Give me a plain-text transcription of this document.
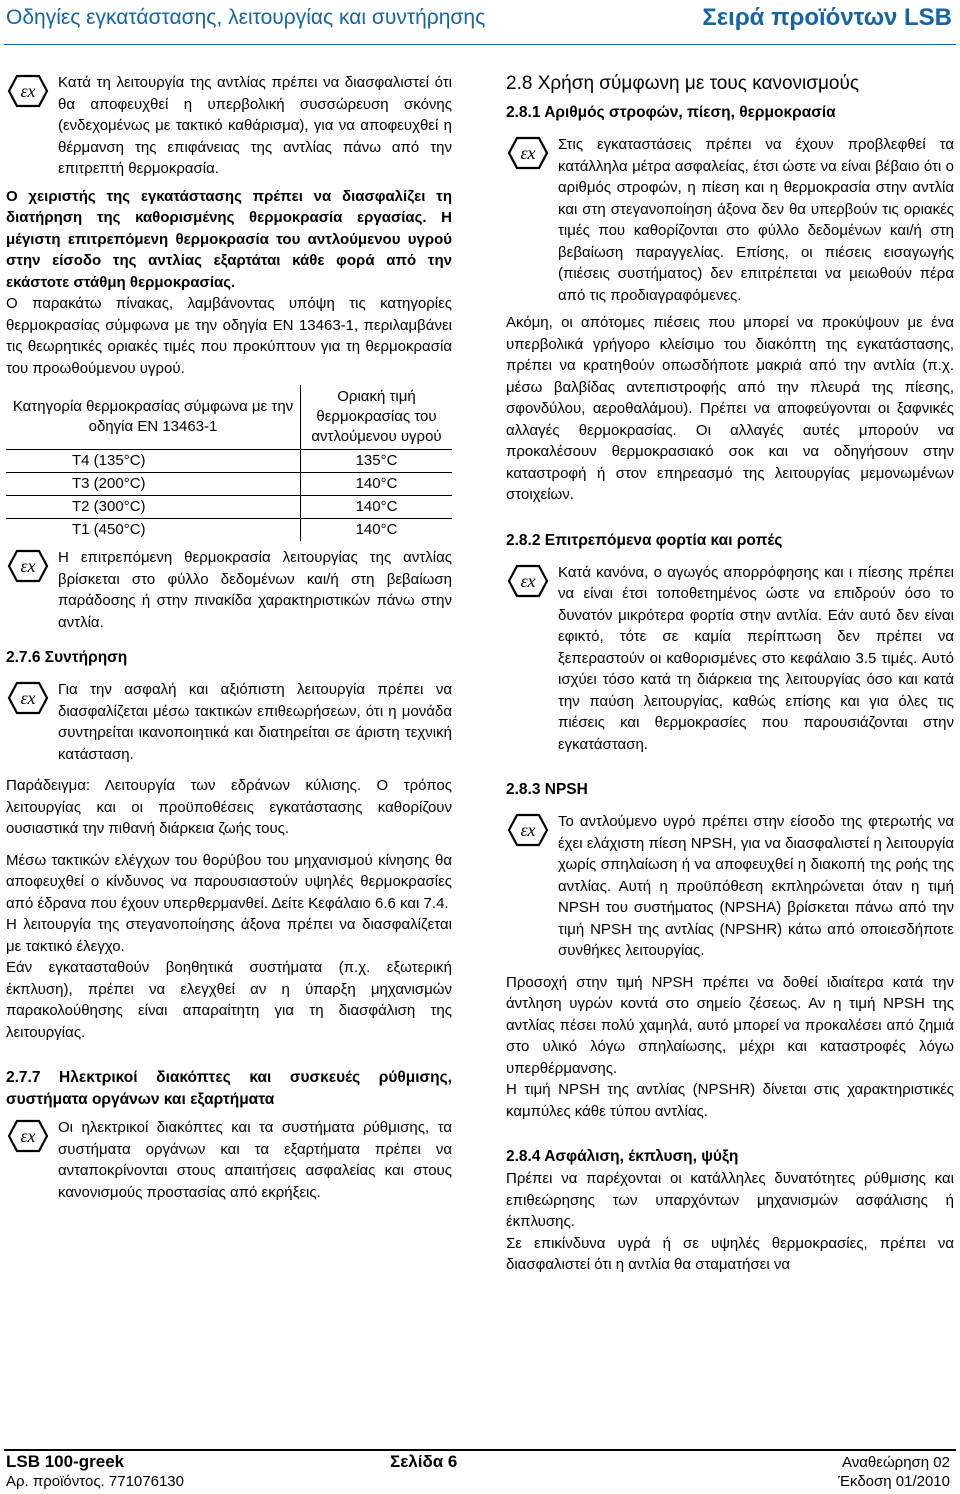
Οδηγίες εγκατάστασης, λειτουργίας και συντήρησης	Σειρά προϊόντων LSB
εx Κατά τη λειτουργία της αντλίας πρέπει να διασφαλιστεί ότι θα αποφευχθεί η υπερβολική συσσώρευση σκόνης (ενδεχομένως με τακτικό καθάρισμα), για να αποφευχθεί η θέρμανση της επιφάνειας της αντλίας πάνω από την επιτρεπτή θερμοκρασία.

Ο χειριστής της εγκατάστασης πρέπει να διασφαλίζει τη διατήρηση της καθορισμένης θερμοκρασία εργασίας. Η μέγιστη επιτρεπόμενη θερμοκρασία του αντλούμενου υγρού στην είσοδο της αντλίας εξαρτάται κάθε φορά από την εκάστοτε στάθμη θερμοκρασίας.

Ο παρακάτω πίνακας, λαμβάνοντας υπόψη τις κατηγορίες θερμοκρασίας σύμφωνα με την οδηγία EN 13463-1, περιλαμβάνει τις θεωρητικές οριακές τιμές που προκύπτουν για τη θερμοκρασία του προωθούμενου υγρού.

Κατηγορία θερμοκρασίας σύμφωνα με την οδηγία EN 13463-1	Οριακή τιμή θερμοκρασίας του αντλούμενου υγρού
T4 (135°C)	135°C
T3 (200°C)	140°C
T2 (300°C)	140°C
T1 (450°C)	140°C
εx Η επιτρεπόμενη θερμοκρασία λειτουργίας της αντλίας βρίσκεται στο φύλλο δεδομένων και/ή στη βεβαίωση παράδοσης ή στην πινακίδα χαρακτηριστικών πάνω στην αντλία.

2.7.6 Συντήρηση
εx Για την ασφαλή και αξιόπιστη λειτουργία πρέπει να διασφαλίζεται μέσω τακτικών επιθεωρήσεων, ότι η μονάδα συντηρείται ικανοποιητικά και διατηρείται σε άριστη τεχνική κατάσταση.

Παράδειγμα: Λειτουργία των εδράνων κύλισης. Ο τρόπος λειτουργίας και οι προϋποθέσεις εγκατάστασης καθορίζουν ουσιαστικά την πιθανή διάρκεια ζωής τους.

Μέσω τακτικών ελέγχων του θορύβου του μηχανισμού κίνησης θα αποφευχθεί ο κίνδυνος να παρουσιαστούν υψηλές θερμοκρασίες από έδρανα που έχουν υπερθερμανθεί. Δείτε Κεφάλαιο 6.6 και 7.4.

Η λειτουργία της στεγανοποίησης άξονα πρέπει να διασφαλίζεται με τακτικό έλεγχο.

Εάν εγκατασταθούν βοηθητικά συστήματα (π.χ. εξωτερική έκπλυση), πρέπει να ελεγχθεί αν η ύπαρξη μηχανισμών παρακολούθησης είναι απαραίτητη για τη διασφάλιση της λειτουργίας.

2.7.7 Ηλεκτρικοί διακόπτες και συσκευές ρύθμισης, συστήματα οργάνων και εξαρτήματα
εx Οι ηλεκτρικοί διακόπτες και τα συστήματα ρύθμισης, τα συστήματα οργάνων και τα εξαρτήματα πρέπει να ανταποκρίνονται στους απαιτήσεις ασφαλείας και στους κανονισμούς προστασίας από εκρήξεις.

2.8 Χρήση σύμφωνη με τους κανονισμούς
2.8.1 Αριθμός στροφών, πίεση, θερμοκρασία
εx Στις εγκαταστάσεις πρέπει να έχουν προβλεφθεί τα κατάλληλα μέτρα ασφαλείας, έτσι ώστε να είναι βέβαιο ότι ο αριθμός στροφών, η πίεση και η θερμοκρασία στην αντλία και στη στεγανοποίηση άξονα δεν θα υπερβούν τις οριακές τιμές που καθορίζονται στο φύλλο δεδομένων και/ή στη βεβαίωση παραγγελίας. Επίσης, οι πιέσεις εισαγωγής (πιέσεις συστήματος) δεν επιτρέπεται να μειωθούν πέρα από τις προδιαγραφόμενες.

Ακόμη, οι απότομες πιέσεις που μπορεί να προκύψουν με ένα υπερβολικά γρήγορο κλείσιμο του διακόπτη της εγκατάστασης, πρέπει να κρατηθούν οπωσδήποτε μακριά από την αντλία (π.χ. μέσω βαλβίδας αντεπιστροφής από την πλευρά της πίεσης, σφονδύλου, αεροθαλάμου). Πρέπει να αποφεύγονται οι ξαφνικές αλλαγές θερμοκρασίας. Οι αλλαγές αυτές μπορούν να προκαλέσουν θερμοκρασιακό σοκ και να οδηγήσουν στην καταστροφή ή στον επηρεασμό της λειτουργίας μεμονωμένων στοιχείων.

2.8.2 Επιτρεπόμενα φορτία και ροπές
εx Κατά κανόνα, ο αγωγός απορρόφησης και ι πίεσης πρέπει να είναι έτσι τοποθετημένος ώστε να επιδρούν όσο το δυνατόν μικρότερα φορτία στην αντλία. Εάν αυτό δεν είναι εφικτό, τότε σε καμία περίπτωση δεν πρέπει να ξεπεραστούν οι καθορισμένες στο κεφάλαιο 3.5 τιμές. Αυτό ισχύει τόσο κατά τη διάρκεια της λειτουργίας όσο και κατά την παύση λειτουργίας, καθώς επίσης και για όλες τις πιέσεις και θερμοκρασίες που παρουσιάζονται στην εγκατάσταση.

2.8.3 NPSH
εx Το αντλούμενο υγρό πρέπει στην είσοδο της φτερωτής να έχει ελάχιστη πίεση NPSH, για να διασφαλιστεί η λειτουργία χωρίς σπηλαίωση ή να αποφευχθεί η διακοπή της ροής της αντλίας. Αυτή η προϋπόθεση εκπληρώνεται όταν η τιμή NPSH του συστήματος (NPSHA) βρίσκεται πάνω από την τιμή NPSH της αντλίας (NPSHR) κάτω από οποιεσδήποτε συνθήκες λειτουργίας.

Προσοχή στην τιμή NPSH πρέπει να δοθεί ιδιαίτερα κατά την άντληση υγρών κοντά στο σημείο ζέσεως. Αν η τιμή NPSH της αντλίας πέσει πολύ χαμηλά, αυτό μπορεί να προκαλέσει από ζημιά στο υλικό λόγω σπηλαίωσης, μέχρι και καταστροφές λόγω υπερθέρμανσης.

Η τιμή NPSH της αντλίας (NPSHR) δίνεται στις χαρακτηριστικές καμπύλες κάθε τύπου αντλίας.

2.8.4 Ασφάλιση, έκπλυση, ψύξη

Πρέπει να παρέχονται οι κατάλληλες δυνατότητες ρύθμισης και επιθεώρησης των υπαρχόντων μηχανισμών ασφάλισης ή έκπλυσης.

Σε επικίνδυνα υγρά ή σε υψηλές θερμοκρασίες, πρέπει να διασφαλιστεί ότι η αντλία θα σταματήσει να

LSB 100-greek	Σελίδα 6	Αναθεώρηση 02
Αρ. προϊόντος. 771076130	Έκδοση 01/2010
